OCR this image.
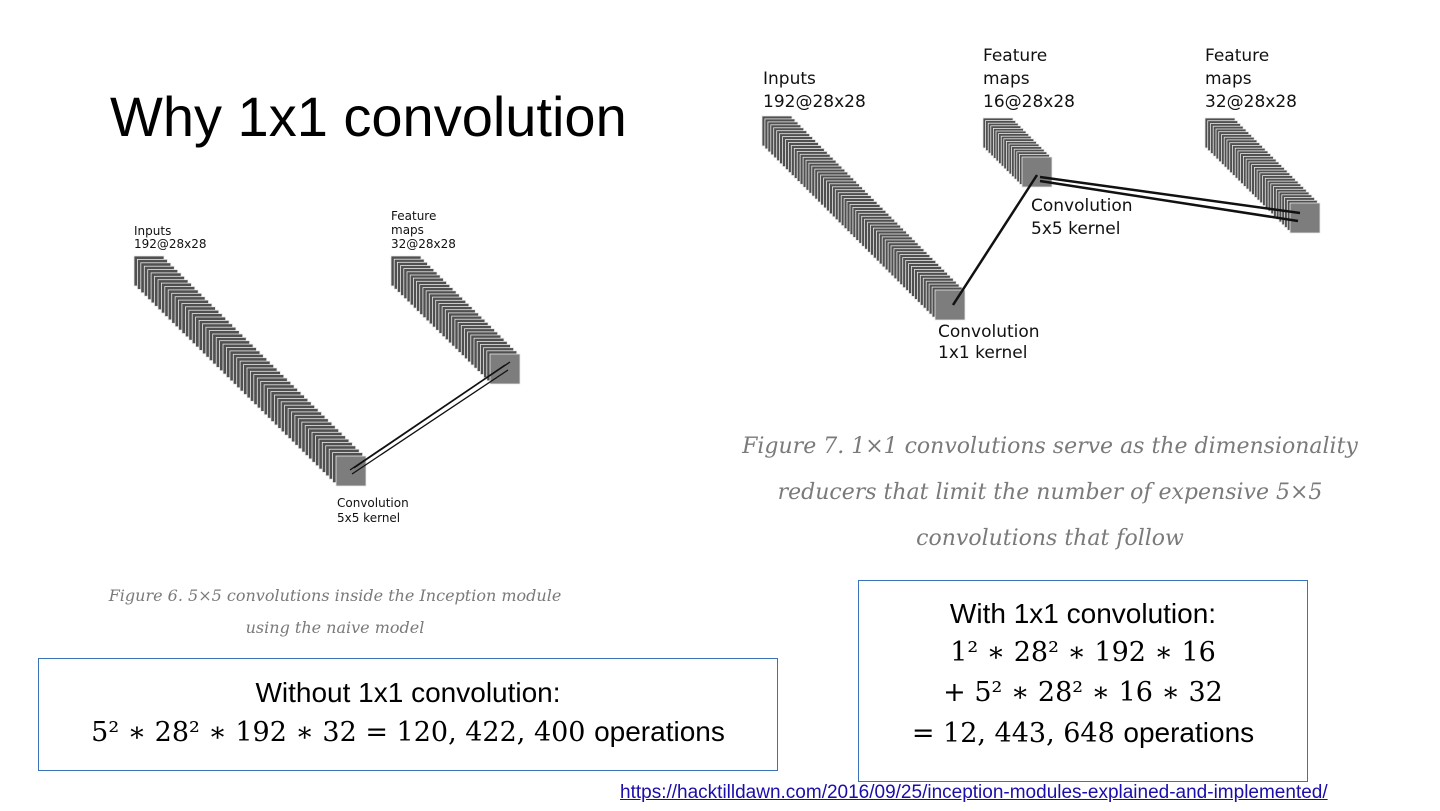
Why 1x1 convolution
Inputs 192@28x28
Feature maps 32@28x28
Convolution 5x5 kernel
Inputs 192@28x28
Feature maps 16@28x28
Feature maps 32@28x28
Convolution 1x1 kernel
Convolution 5x5 kernel
Figure 6. 5×5 convolutions inside the Inception module
using the naive model
Figure 7. 1×1 convolutions serve as the dimensionality
reducers that limit the number of expensive 5×5
convolutions that follow
Without 1x1 convolution:
5² ∗ 28² ∗ 192 ∗ 32 = 120, 422, 400 operations
With 1x1 convolution:
1² ∗ 28² ∗ 192 ∗ 16
+ 5² ∗ 28² ∗ 16 ∗ 32
= 12, 443, 648 operations
https://hacktilldawn.com/2016/09/25/inception-modules-explained-and-implemented/
